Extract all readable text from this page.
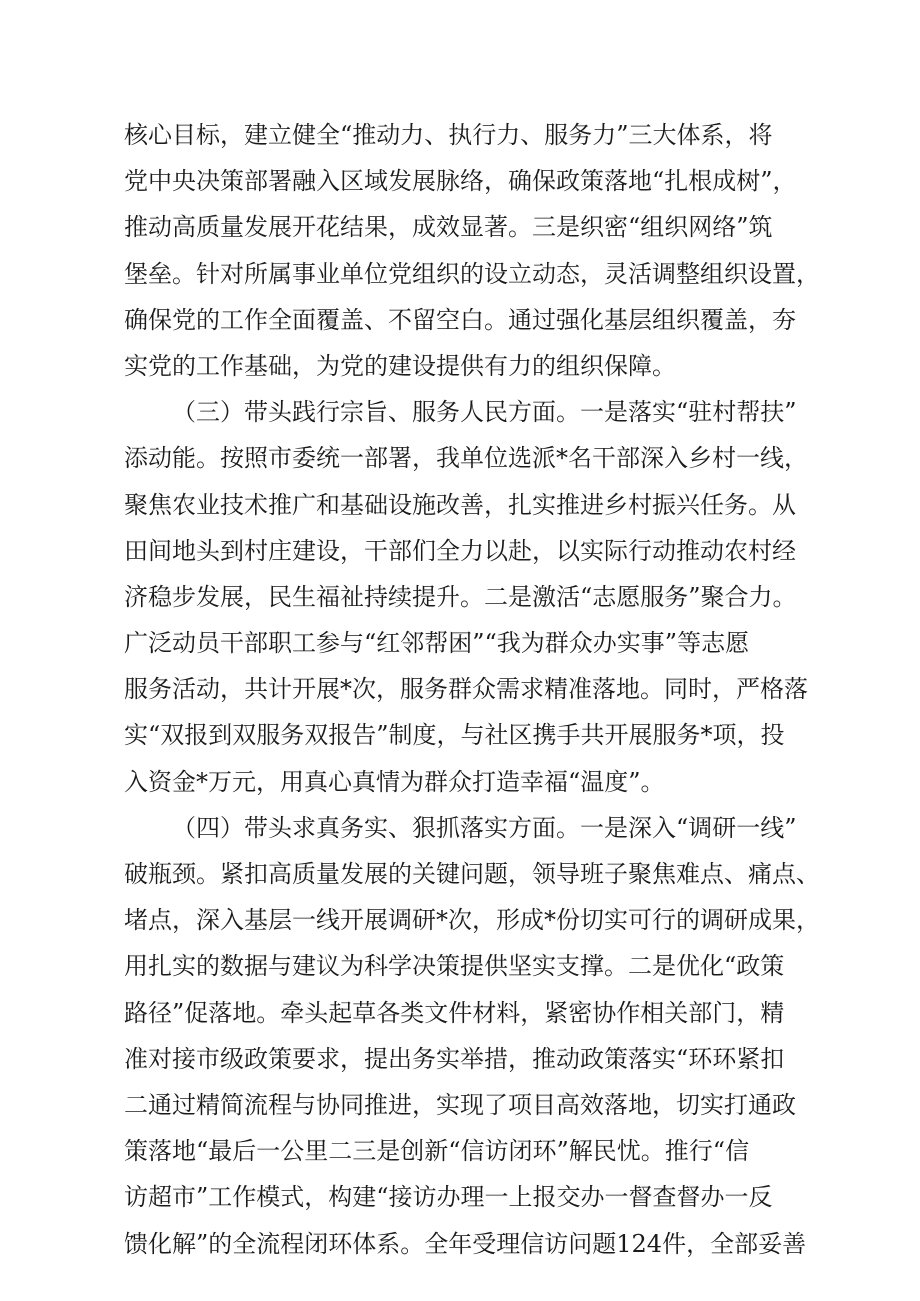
核心目标，建立健全“推动力、执行力、服务力”三大体系，将
党中央决策部署融入区域发展脉络，确保政策落地“扎根成树”，
推动高质量发展开花结果，成效显著。三是织密“组织网络”筑
堡垒。针对所属事业单位党组织的设立动态，灵活调整组织设置，
确保党的工作全面覆盖、不留空白。通过强化基层组织覆盖，夯
实党的工作基础，为党的建设提供有力的组织保障。
（三）带头践行宗旨、服务人民方面。一是落实“驻村帮扶”
添动能。按照市委统一部署，我单位选派*名干部深入乡村一线，
聚焦农业技术推广和基础设施改善，扎实推进乡村振兴任务。从
田间地头到村庄建设，干部们全力以赴，以实际行动推动农村经
济稳步发展，民生福祉持续提升。二是激活“志愿服务”聚合力。
广泛动员干部职工参与“红邻帮困”“我为群众办实事”等志愿
服务活动，共计开展*次，服务群众需求精准落地。同时，严格落
实“双报到双服务双报告”制度，与社区携手共开展服务*项，投
入资金*万元，用真心真情为群众打造幸福“温度”。
（四）带头求真务实、狠抓落实方面。一是深入“调研一线”
破瓶颈。紧扣高质量发展的关键问题，领导班子聚焦难点、痛点、
堵点，深入基层一线开展调研*次，形成*份切实可行的调研成果，
用扎实的数据与建议为科学决策提供坚实支撑。二是优化“政策
路径”促落地。牵头起草各类文件材料，紧密协作相关部门，精
准对接市级政策要求，提出务实举措，推动政策落实“环环紧扣
二通过精简流程与协同推进，实现了项目高效落地，切实打通政
策落地“最后一公里二三是创新“信访闭环”解民忧。推行“信
访超市”工作模式，构建“接访办理一上报交办一督查督办一反
馈化解”的全流程闭环体系。全年受理信访问题124件，全部妥善
